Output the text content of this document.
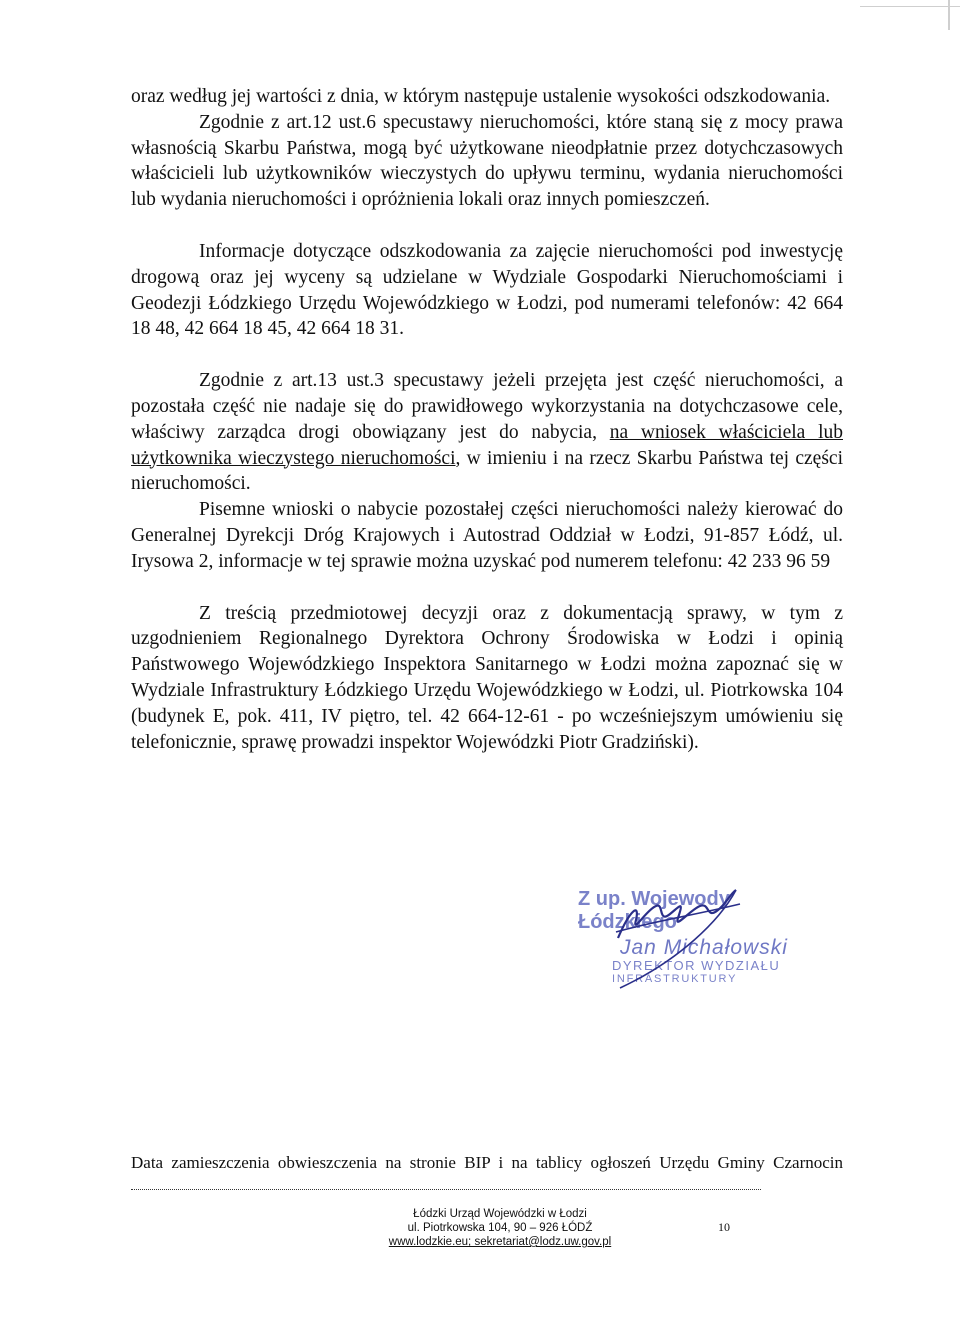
oraz według jej wartości z dnia, w którym następuje ustalenie wysokości odszkodowania.

Zgodnie z art.12 ust.6 specustawy nieruchomości, które staną się z mocy prawa własnością Skarbu Państwa, mogą być użytkowane nieodpłatnie przez dotychczasowych właścicieli lub użytkowników wieczystych do upływu terminu, wydania nieruchomości lub wydania nieruchomości i opróżnienia lokali oraz innych pomieszczeń.

Informacje dotyczące odszkodowania za zajęcie nieruchomości pod inwestycję drogową oraz jej wyceny są udzielane w Wydziale Gospodarki Nieruchomościami i Geodezji Łódzkiego Urzędu Wojewódzkiego w Łodzi, pod numerami telefonów: 42 664 18 48, 42 664 18 45, 42 664 18 31.

Zgodnie z art.13 ust.3 specustawy jeżeli przejęta jest część nieruchomości, a pozostała część nie nadaje się do prawidłowego wykorzystania na dotychczasowe cele, właściwy zarządca drogi obowiązany jest do nabycia, na wniosek właściciela lub użytkownika wieczystego nieruchomości, w imieniu i na rzecz Skarbu Państwa tej części nieruchomości.

Pisemne wnioski o nabycie pozostałej części nieruchomości należy kierować do Generalnej Dyrekcji Dróg Krajowych i Autostrad Oddział w Łodzi, 91-857 Łódź, ul. Irysowa 2, informacje w tej sprawie można uzyskać pod numerem telefonu: 42 233 96 59

Z treścią przedmiotowej decyzji oraz z dokumentacją sprawy, w tym z uzgodnieniem Regionalnego Dyrektora Ochrony Środowiska w Łodzi i opinią Państwowego Wojewódzkiego Inspektora Sanitarnego w Łodzi można zapoznać się w Wydziale Infrastruktury Łódzkiego Urzędu Wojewódzkiego w Łodzi, ul. Piotrkowska 104 (budynek E, pok. 411, IV piętro, tel. 42 664-12-61 - po wcześniejszym umówieniu się telefonicznie, sprawę prowadzi inspektor Wojewódzki Piotr Gradziński).

Z up. Wojewody Łódzkiego
Jan Michałowski
DYREKTOR WYDZIAŁU
INFRASTRUKTURY
Data zamieszczenia obwieszczenia na stronie BIP i na tablicy ogłoszeń Urzędu Gminy Czarnocin
Łódzki Urząd Wojewódzki w Łodzi
ul. Piotrkowska 104, 90 – 926 ŁÓDŹ
www.lodzkie.eu; sekretariat@lodz.uw.gov.pl
10
